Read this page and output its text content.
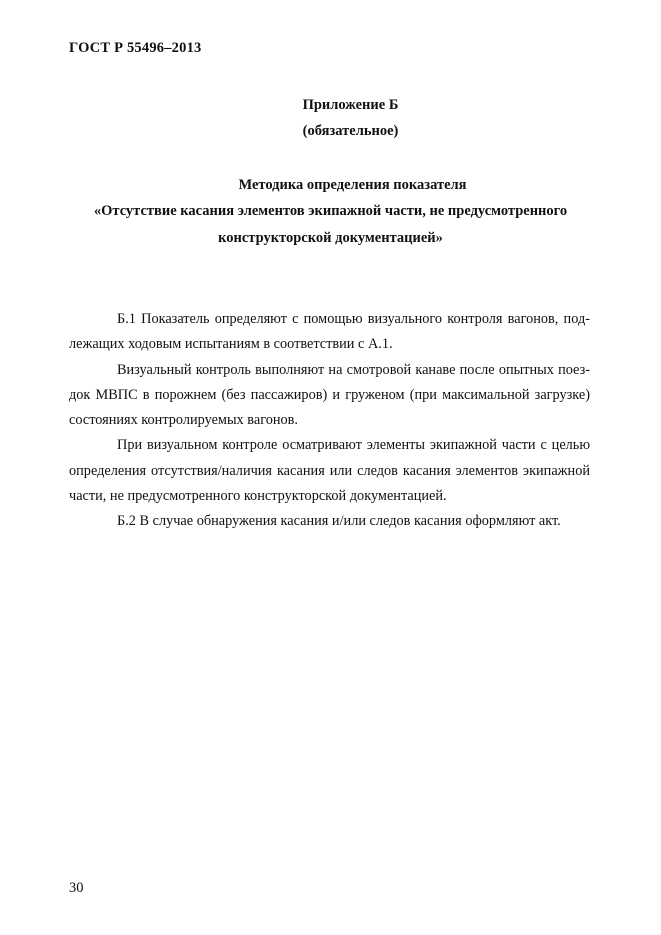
ГОСТ Р 55496–2013
Приложение Б
(обязательное)
Методика определения показателя
«Отсутствие касания элементов экипажной части, не предусмотренного
конструкторской документацией»

Б.1 Показатель определяют с помощью визуального контроля вагонов, подлежащих ходовым испытаниям в соответствии с А.1.

Визуальный контроль выполняют на смотровой канаве после опытных поездок МВПС в порожнем (без пассажиров) и груженом (при максимальной загрузке) состояниях контролируемых вагонов.

При визуальном контроле осматривают элементы экипажной части с целью определения отсутствия/наличия касания или следов касания элементов экипажной части, не предусмотренного конструкторской документацией.

Б.2 В случае обнаружения касания и/или следов касания оформляют акт.

30
